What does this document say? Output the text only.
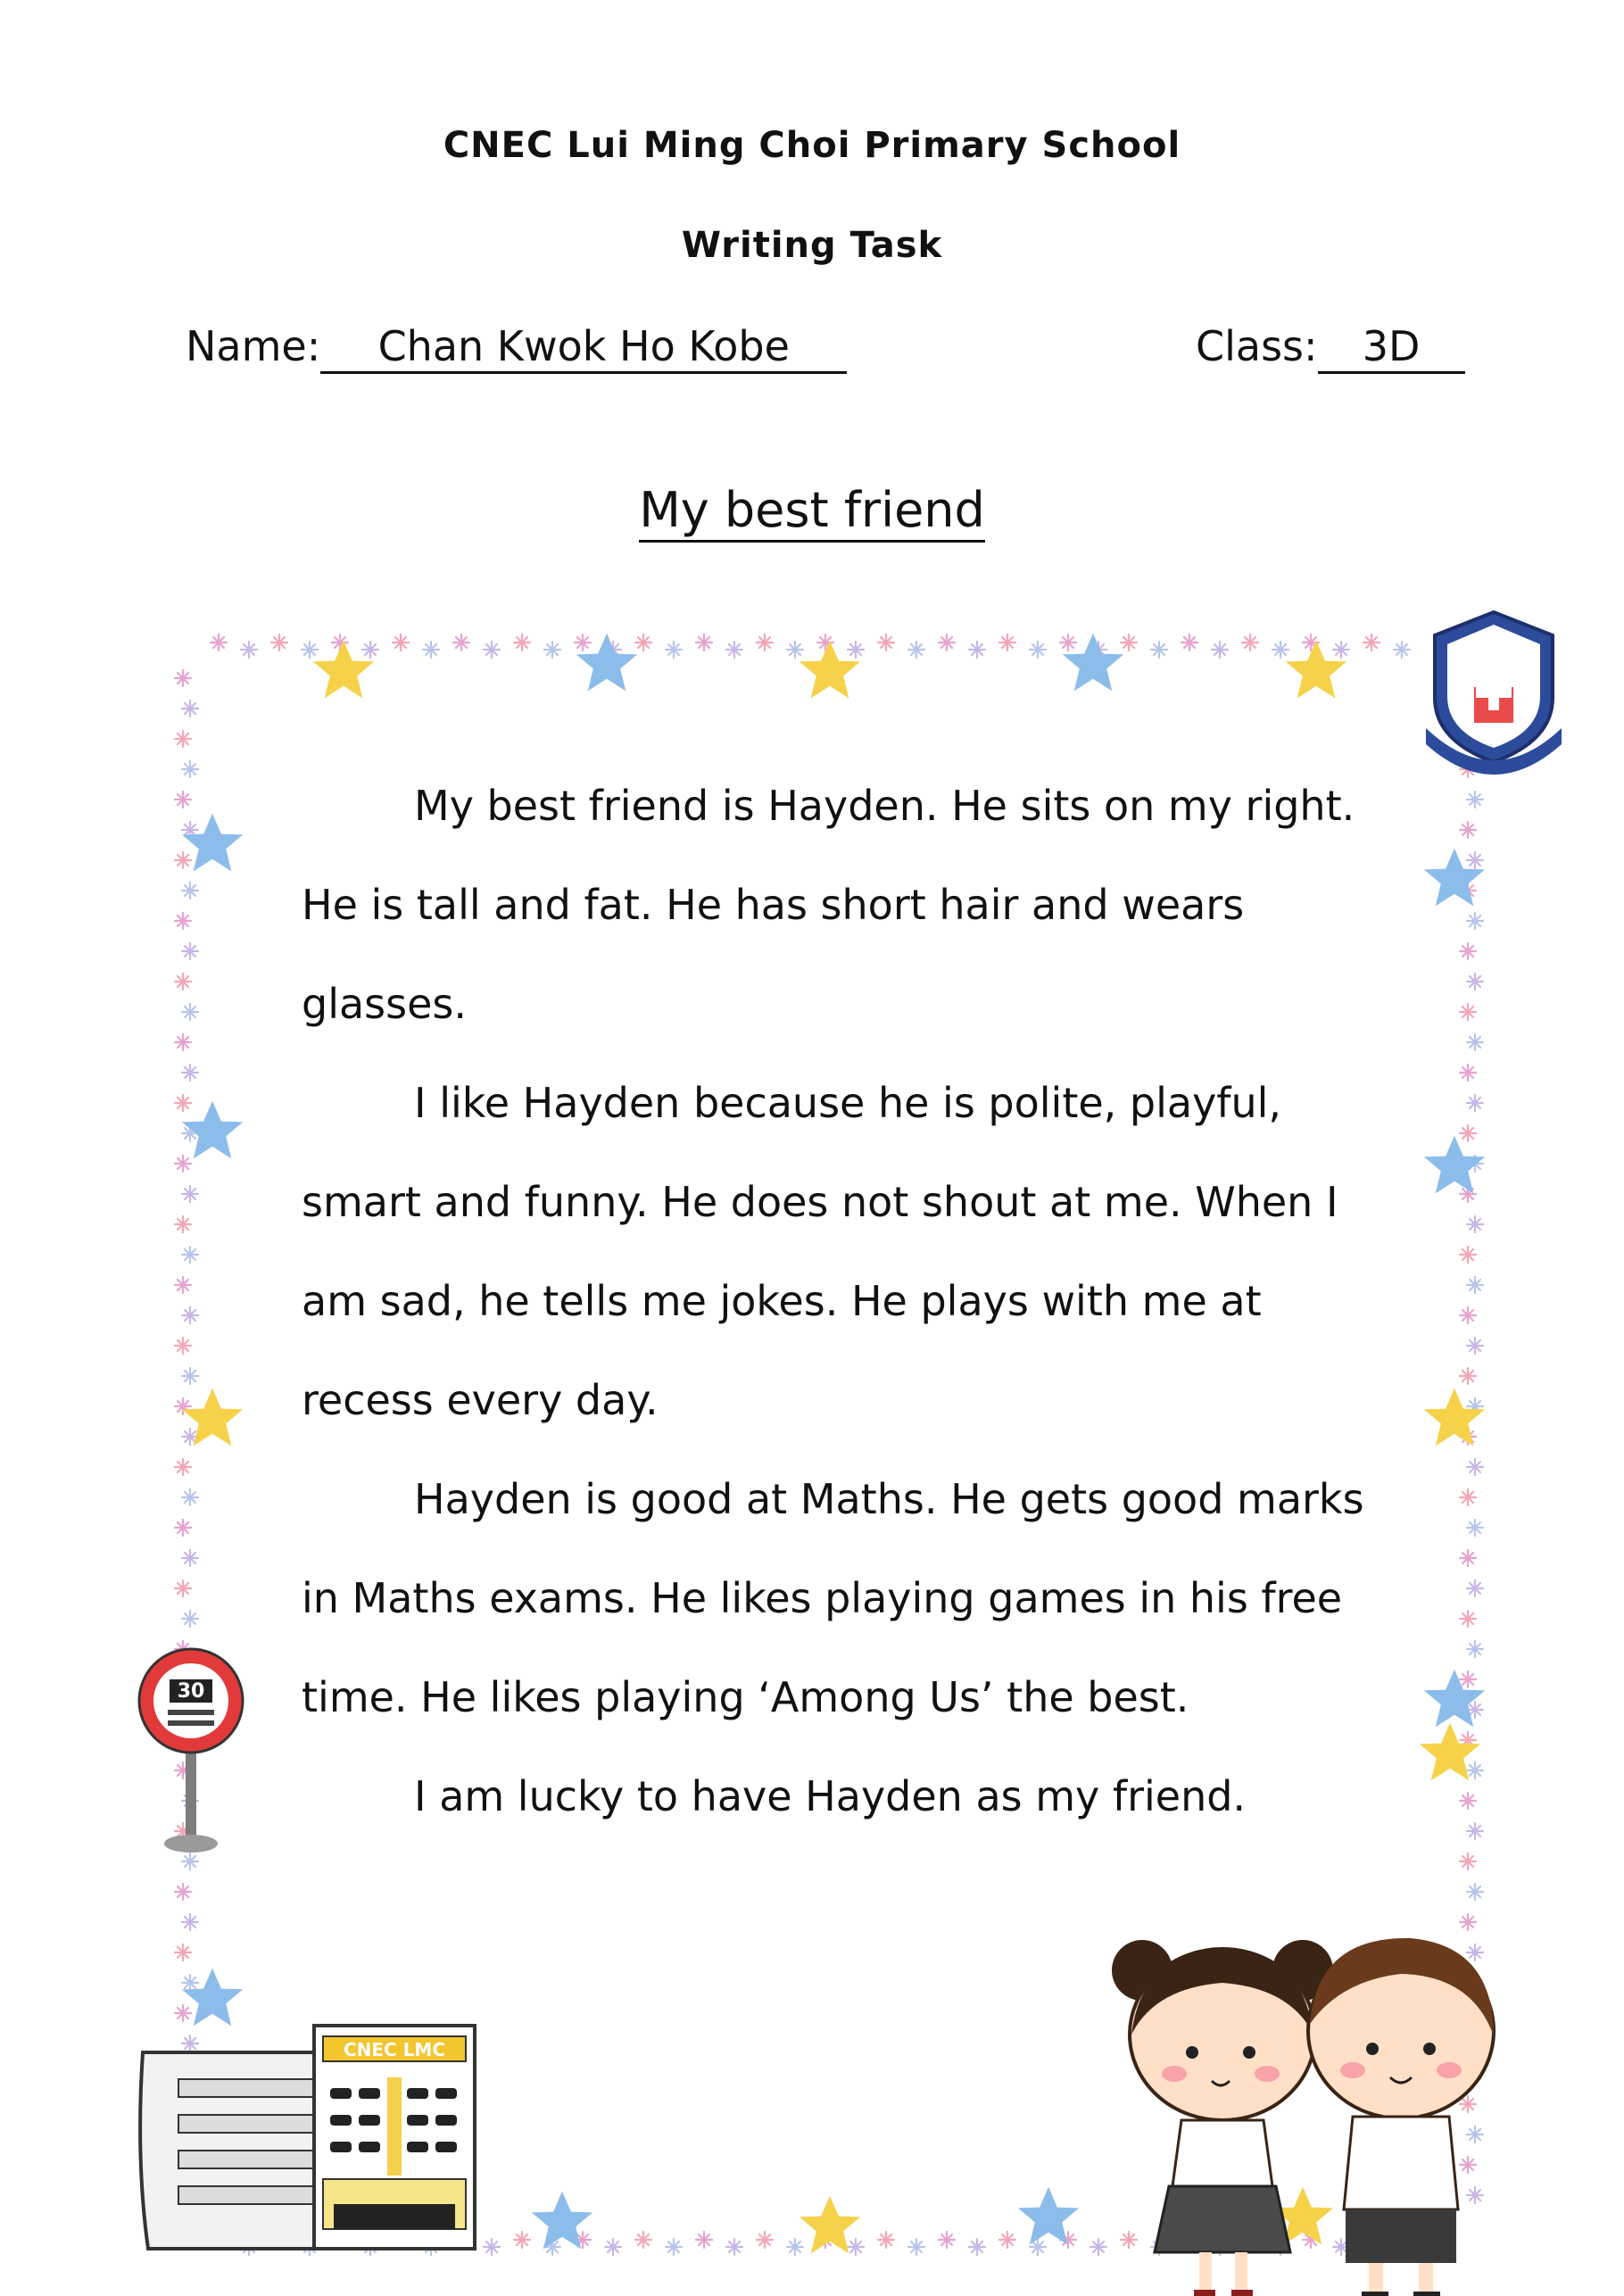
CNEC Lui Ming Choi Primary School
Writing Task
Name: Chan Kwok Ho Kobe	Class: 3D
My best friend
30
CNEC LMC
My best friend is Hayden. He sits on my right.
He is tall and fat. He has short hair and wears
glasses.
I like Hayden because he is polite, playful,
smart and funny. He does not shout at me. When I
am sad, he tells me jokes. He plays with me at
recess every day.
Hayden is good at Maths. He gets good marks
in Maths exams. He likes playing games in his free
time. He likes playing ‘Among Us’ the best.
I am lucky to have Hayden as my friend.
